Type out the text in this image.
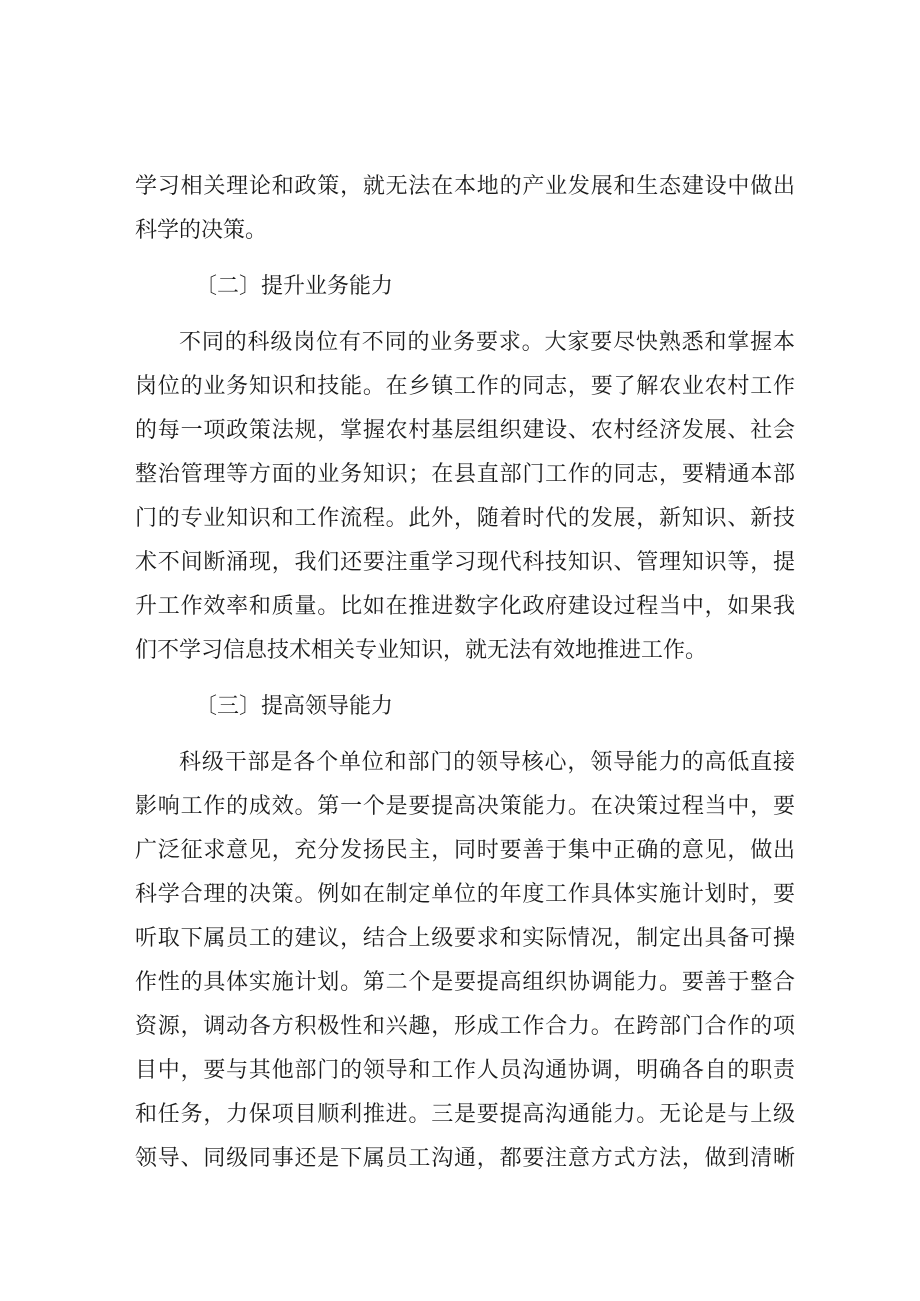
学习相关理论和政策，就无法在本地的产业发展和生态建设中做出
科学的决策。
〔二〕提升业务能力
不同的科级岗位有不同的业务要求。大家要尽快熟悉和掌握本
岗位的业务知识和技能。在乡镇工作的同志，要了解农业农村工作
的每一项政策法规，掌握农村基层组织建设、农村经济发展、社会
整治管理等方面的业务知识；在县直部门工作的同志，要精通本部
门的专业知识和工作流程。此外，随着时代的发展，新知识、新技
术不间断涌现，我们还要注重学习现代科技知识、管理知识等，提
升工作效率和质量。比如在推进数字化政府建设过程当中，如果我
们不学习信息技术相关专业知识，就无法有效地推进工作。
〔三〕提高领导能力
科级干部是各个单位和部门的领导核心，领导能力的高低直接
影响工作的成效。第一个是要提高决策能力。在决策过程当中，要
广泛征求意见，充分发扬民主，同时要善于集中正确的意见，做出
科学合理的决策。例如在制定单位的年度工作具体实施计划时，要
听取下属员工的建议，结合上级要求和实际情况，制定出具备可操
作性的具体实施计划。第二个是要提高组织协调能力。要善于整合
资源，调动各方积极性和兴趣，形成工作合力。在跨部门合作的项
目中，要与其他部门的领导和工作人员沟通协调，明确各自的职责
和任务，力保项目顺利推进。三是要提高沟通能力。无论是与上级
领导、同级同事还是下属员工沟通，都要注意方式方法，做到清晰
